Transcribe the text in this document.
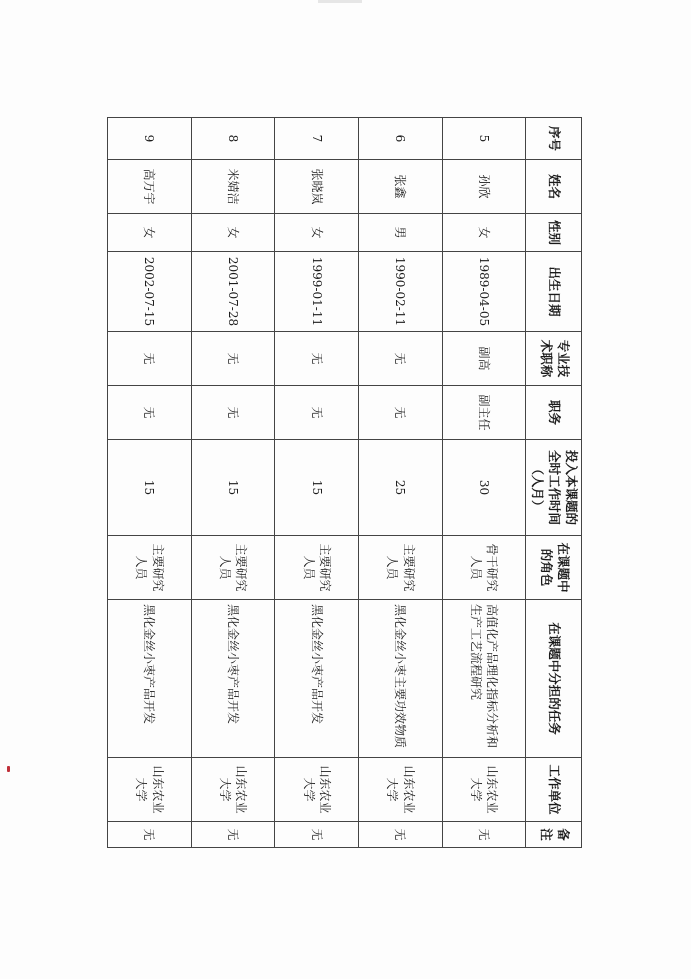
序号	姓名	性别	出生日期	专业技术职称	职务	投入本课题的全时工作时间（人月）	在课题中的角色	在课题中分担的任务	工作单位	备注
5	孙欣	女	1989-04-05	副高	副主任	30	骨干研究人员	高值化产品理化指标分析和生产工艺流程研究	山东农业大学	无
6	张鑫	男	1990-02-11	无	无	25	主要研究人员	黑化金丝小枣主要功效物质	山东农业大学	无
7	张晓岚	女	1999-01-11	无	无	15	主要研究人员	黑化金丝小枣产品开发	山东农业大学	无
8	米婧洁	女	2001-07-28	无	无	15	主要研究人员	黑化金丝小枣产品开发	山东农业大学	无
9	高万宇	女	2002-07-15	无	无	15	主要研究人员	黑化金丝小枣产品开发	山东农业大学	无
